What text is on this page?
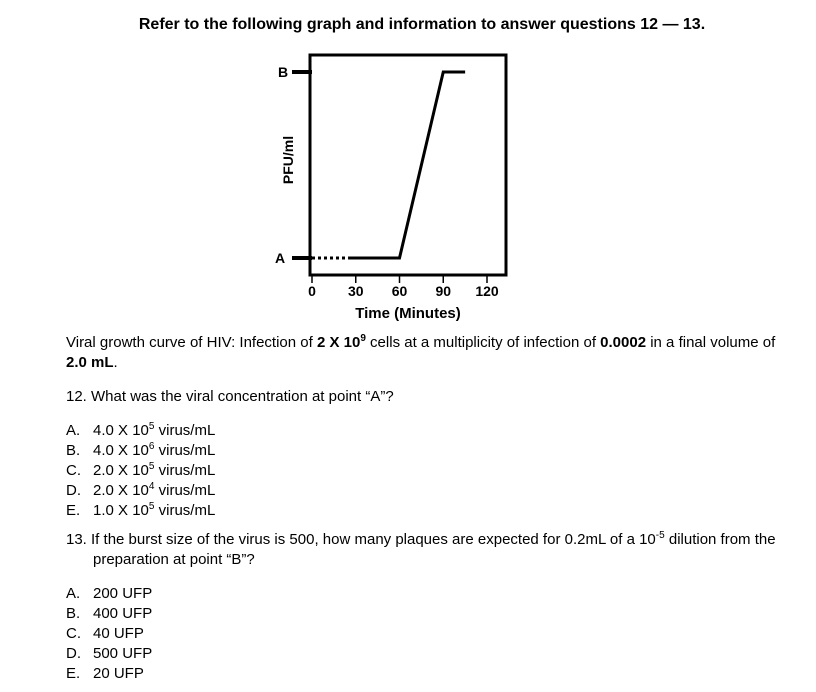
Refer to the following graph and information to answer questions 12 — 13.
B
A
PFU/ml
0 30 60 90 120
Time (Minutes)
Viral growth curve of HIV: Infection of 2 X $10^9$ cells at a multiplicity of infection of 0.0002 in a final volume of 2.0 mL.
12. What was the viral concentration at point “A”?
A. 4.0 X $10^5$ virus/mL
B. 4.0 X $10^6$ virus/mL
C. 2.0 X $10^5$ virus/mL
D. 2.0 X $10^4$ virus/mL
E. 1.0 X $10^5$ virus/mL
13. If the burst size of the virus is 500, how many plaques are expected for 0.2mL of a $10^{-5}$ dilution from the preparation at point “B”?
A. 200 UFP
B. 400 UFP
C. 40 UFP
D. 500 UFP
E. 20 UFP
